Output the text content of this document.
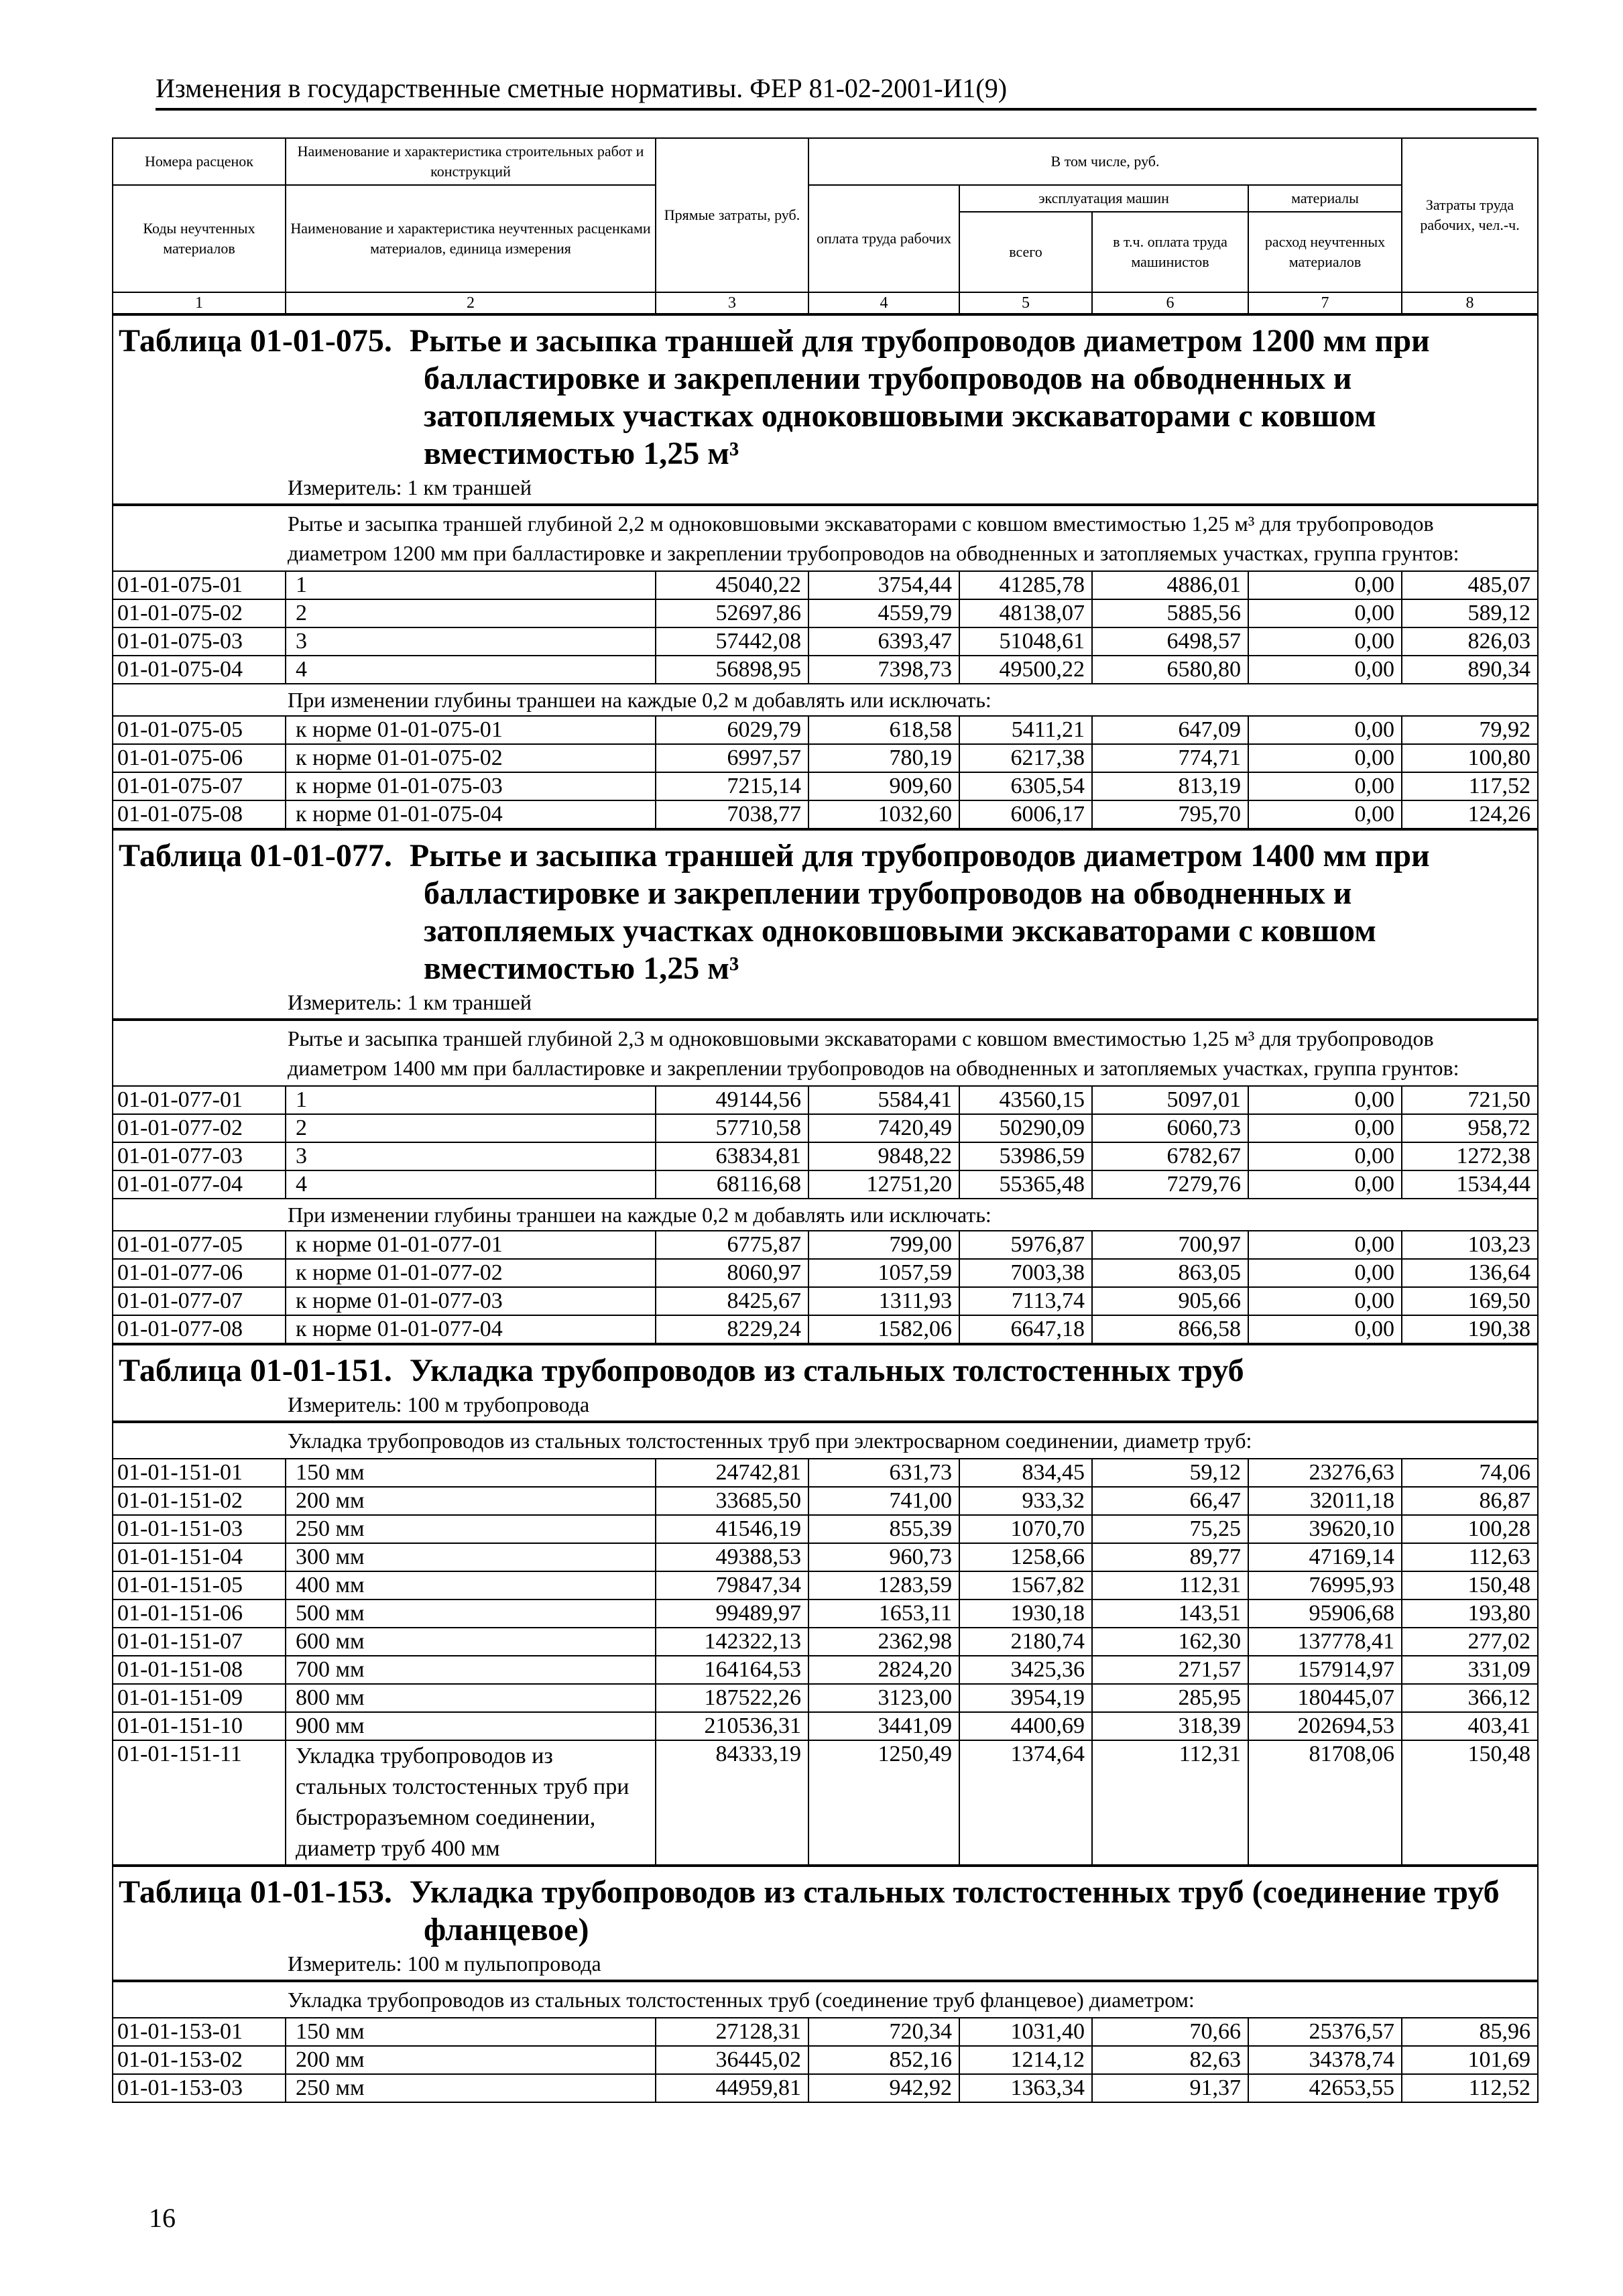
Изменения в государственные сметные нормативы. ФЕР 81-02-2001-И1(9)
Номера расценок	Наименование и характеристика строительных работ и конструкций	Прямые затраты, руб.	В том числе, руб.				Затраты труда рабочих, чел.-ч.
Коды неучтенных материалов	Наименование и характеристика неучтенных расценками материалов, единица измерения		оплата труда рабочих	эксплуатация машин		материалы	
				всего	в т.ч. оплата труда машинистов	расход неучтенных материалов	
1	2	3	4	5	6	7	8

Таблица 01-01-075. Рытье и засыпка траншей для трубопроводов диаметром 1200 мм при балластировке и закреплении трубопроводов на обводненных и затопляемых участках одноковшовыми экскаваторами с ковшом вместимостью 1,25 м³							

Измеритель: 1 км траншей							
Рытье и засыпка траншей глубиной 2,2 м одноковшовыми экскаваторами с ковшом вместимостью 1,25 м³ для трубопроводов диаметром 1200 мм при балластировке и закреплении трубопроводов на обводненных и затопляемых участках, группа грунтов:							
01-01-075-01	1	45040,22	3754,44	41285,78	4886,01	0,00	485,07
01-01-075-02	2	52697,86	4559,79	48138,07	5885,56	0,00	589,12
01-01-075-03	3	57442,08	6393,47	51048,61	6498,57	0,00	826,03
01-01-075-04	4	56898,95	7398,73	49500,22	6580,80	0,00	890,34
При изменении глубины траншеи на каждые 0,2 м добавлять или исключать:							
01-01-075-05	к норме 01-01-075-01	6029,79	618,58	5411,21	647,09	0,00	79,92
01-01-075-06	к норме 01-01-075-02	6997,57	780,19	6217,38	774,71	0,00	100,80
01-01-075-07	к норме 01-01-075-03	7215,14	909,60	6305,54	813,19	0,00	117,52
01-01-075-08	к норме 01-01-075-04	7038,77	1032,60	6006,17	795,70	0,00	124,26

Таблица 01-01-077. Рытье и засыпка траншей для трубопроводов диаметром 1400 мм при балластировке и закреплении трубопроводов на обводненных и затопляемых участках одноковшовыми экскаваторами с ковшом вместимостью 1,25 м³							

Измеритель: 1 км траншей							
Рытье и засыпка траншей глубиной 2,3 м одноковшовыми экскаваторами с ковшом вместимостью 1,25 м³ для трубопроводов диаметром 1400 мм при балластировке и закреплении трубопроводов на обводненных и затопляемых участках, группа грунтов:							
01-01-077-01	1	49144,56	5584,41	43560,15	5097,01	0,00	721,50
01-01-077-02	2	57710,58	7420,49	50290,09	6060,73	0,00	958,72
01-01-077-03	3	63834,81	9848,22	53986,59	6782,67	0,00	1272,38
01-01-077-04	4	68116,68	12751,20	55365,48	7279,76	0,00	1534,44
При изменении глубины траншеи на каждые 0,2 м добавлять или исключать:							
01-01-077-05	к норме 01-01-077-01	6775,87	799,00	5976,87	700,97	0,00	103,23
01-01-077-06	к норме 01-01-077-02	8060,97	1057,59	7003,38	863,05	0,00	136,64
01-01-077-07	к норме 01-01-077-03	8425,67	1311,93	7113,74	905,66	0,00	169,50
01-01-077-08	к норме 01-01-077-04	8229,24	1582,06	6647,18	866,58	0,00	190,38

Таблица 01-01-151. Укладка трубопроводов из стальных толстостенных труб							

Измеритель: 100 м трубопровода							
Укладка трубопроводов из стальных толстостенных труб при электросварном соединении, диаметр труб:							
01-01-151-01	150 мм	24742,81	631,73	834,45	59,12	23276,63	74,06
01-01-151-02	200 мм	33685,50	741,00	933,32	66,47	32011,18	86,87
01-01-151-03	250 мм	41546,19	855,39	1070,70	75,25	39620,10	100,28
01-01-151-04	300 мм	49388,53	960,73	1258,66	89,77	47169,14	112,63
01-01-151-05	400 мм	79847,34	1283,59	1567,82	112,31	76995,93	150,48
01-01-151-06	500 мм	99489,97	1653,11	1930,18	143,51	95906,68	193,80
01-01-151-07	600 мм	142322,13	2362,98	2180,74	162,30	137778,41	277,02
01-01-151-08	700 мм	164164,53	2824,20	3425,36	271,57	157914,97	331,09
01-01-151-09	800 мм	187522,26	3123,00	3954,19	285,95	180445,07	366,12
01-01-151-10	900 мм	210536,31	3441,09	4400,69	318,39	202694,53	403,41
01-01-151-11	Укладка трубопроводов из стальных толстостенных труб при быстроразъемном соединении, диаметр труб 400 мм	84333,19	1250,49	1374,64	112,31	81708,06	150,48

Таблица 01-01-153. Укладка трубопроводов из стальных толстостенных труб (соединение труб фланцевое)							

Измеритель: 100 м пульпопровода							
Укладка трубопроводов из стальных толстостенных труб (соединение труб фланцевое) диаметром:							
01-01-153-01	150 мм	27128,31	720,34	1031,40	70,66	25376,57	85,96
01-01-153-02	200 мм	36445,02	852,16	1214,12	82,63	34378,74	101,69
01-01-153-03	250 мм	44959,81	942,92	1363,34	91,37	42653,55	112,52
16
